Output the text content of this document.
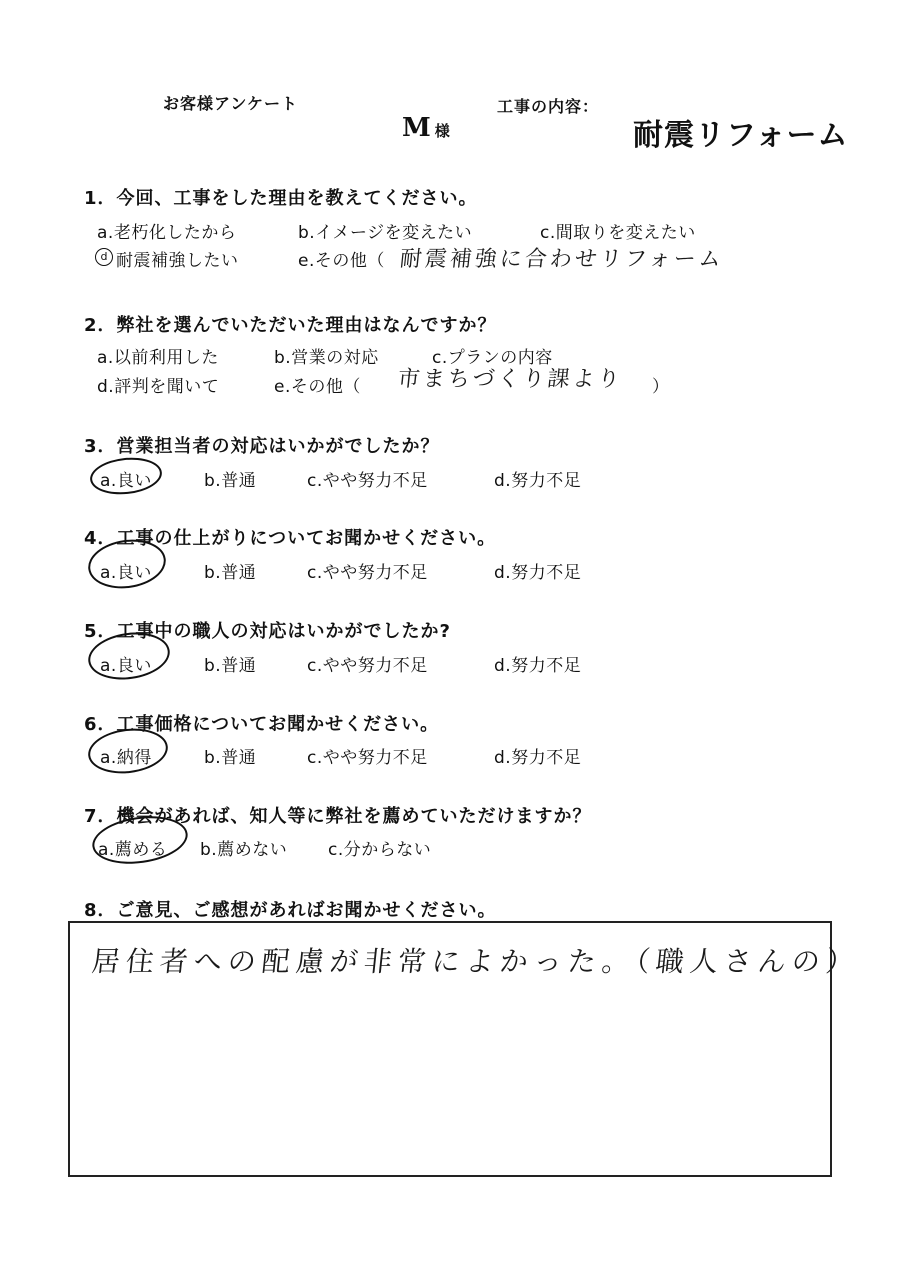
お客様アンケート	工事の内容：
M様	耐震リフォーム
1．今回、工事をした理由を教えてください。
a.老朽化したから	b.イメージを変えたい	c.間取りを変えたい
d 耐震補強したい	e.その他（ 耐震補強に合わせリフォーム
2．弊社を選んでいただいた理由はなんですか？
a.以前利用した	b.営業の対応	c.プランの内容
d.評判を聞いて	e.その他（ 市まちづくり課より ）
3．営業担当者の対応はいかがでしたか？
a.良い	b.普通	c.やや努力不足	d.努力不足
4．工事の仕上がりについてお聞かせください。
a.良い	b.普通	c.やや努力不足	d.努力不足
5．工事中の職人の対応はいかがでしたか?
a.良い	b.普通	c.やや努力不足	d.努力不足
6．工事価格についてお聞かせください。
a.納得	b.普通	c.やや努力不足	d.努力不足
7．機会があれば、知人等に弊社を薦めていただけますか？
a.薦める b.薦めない c.分からない
8．ご意見、ご感想があればお聞かせください。
居住者への配慮が非常によかった。（職人さんの）
